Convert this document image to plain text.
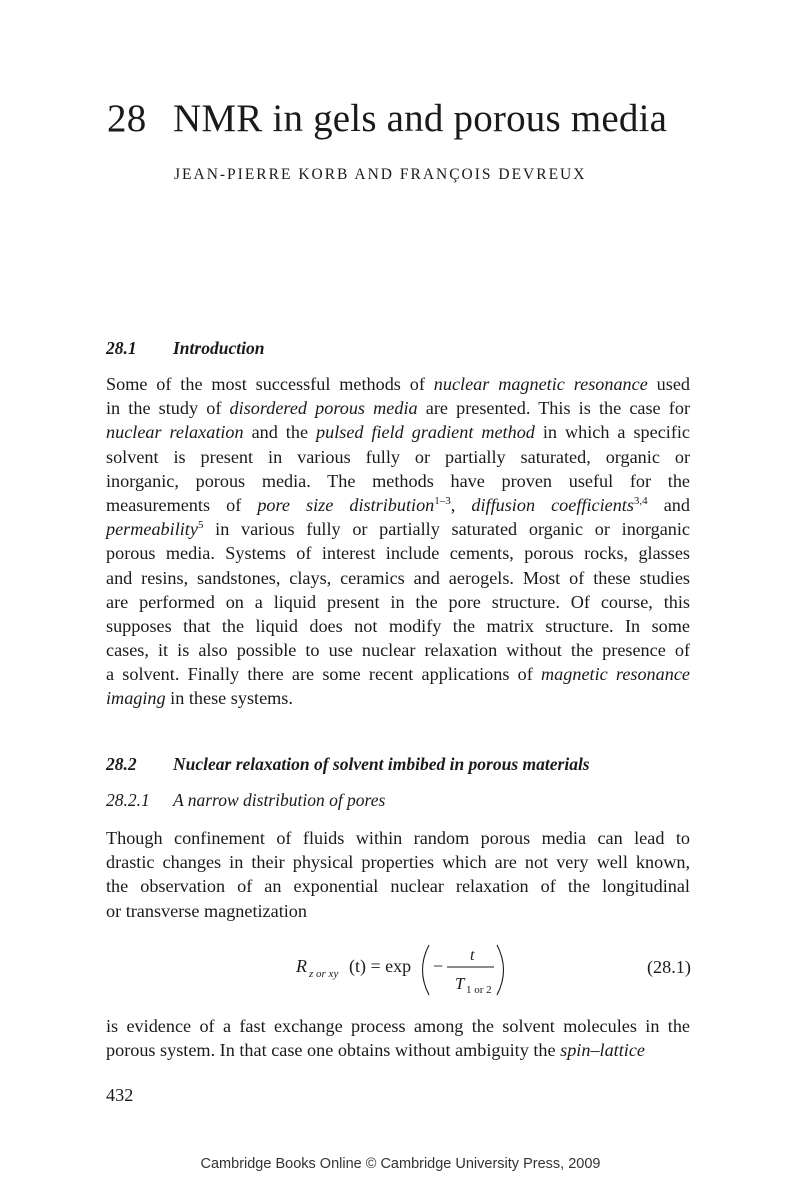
28 NMR in gels and porous media
JEAN-PIERRE KORB AND FRANÇOIS DEVREUX
28.1 Introduction
Some of the most successful methods of nuclear magnetic resonance used
in the study of disordered porous media are presented. This is the case for
nuclear relaxation and the pulsed field gradient method in which a specific
solvent is present in various fully or partially saturated, organic or
inorganic, porous media. The methods have proven useful for the
measurements of pore size distribution$^{1-3}$, diffusion coefficients$^{3,4}$ and
permeability$^5$ in various fully or partially saturated organic or inorganic
porous media. Systems of interest include cements, porous rocks, glasses
and resins, sandstones, clays, ceramics and aerogels. Most of these studies
are performed on a liquid present in the pore structure. Of course, this
supposes that the liquid does not modify the matrix structure. In some
cases, it is also possible to use nuclear relaxation without the presence of
a solvent. Finally there are some recent applications of magnetic resonance
imaging in these systems.
28.2 Nuclear relaxation of solvent imbibed in porous materials
28.2.1 A narrow distribution of pores
Though confinement of fluids within random porous media can lead to
drastic changes in their physical properties which are not very well known,
the observation of an exponential nuclear relaxation of the longitudinal
or transverse magnetization
R z or xy (t) = exp −
t
T 1 or 2
(28.1)
is evidence of a fast exchange process among the solvent molecules in the
porous system. In that case one obtains without ambiguity the spin–lattice
432
Cambridge Books Online © Cambridge University Press, 2009
